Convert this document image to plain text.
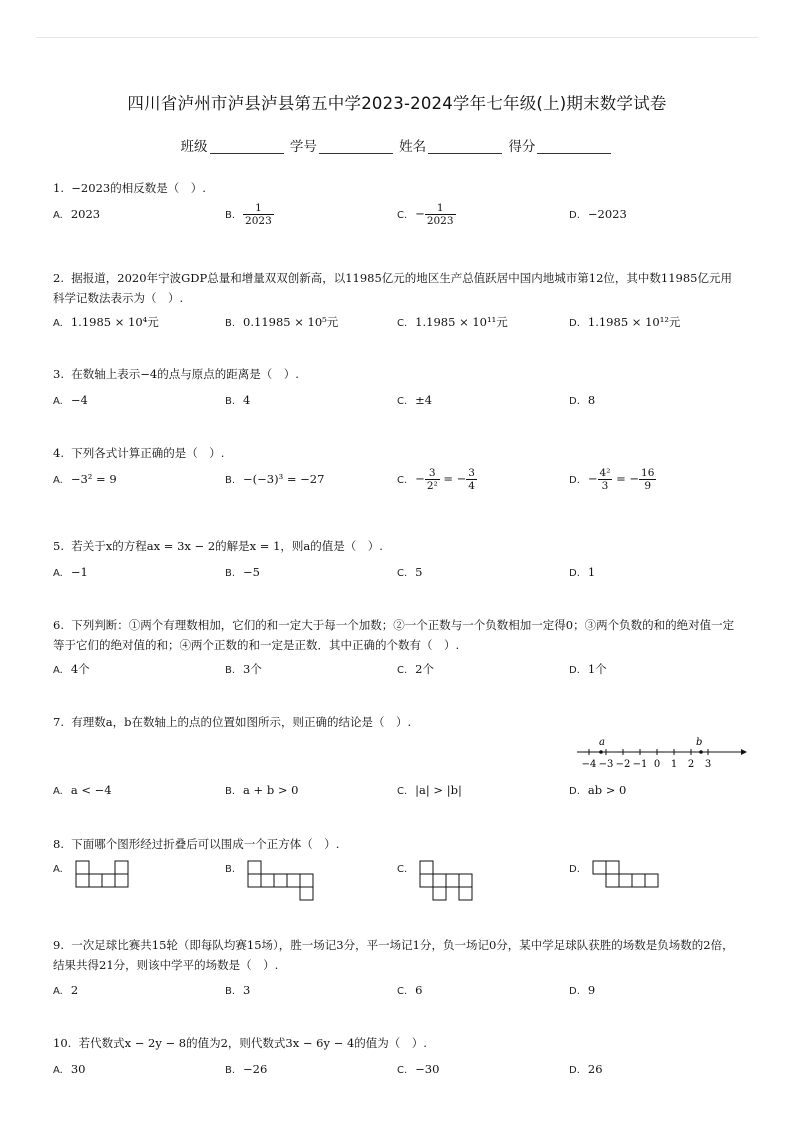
四川省泸州市泸县泸县第五中学2023-2024学年七年级(上)期末数学试卷
班级	学号	姓名	得分
1. −2023的相反数是（　）.
A. 2023	B. $\frac{1}{2023}$	C. − $\frac{1}{2023}$	D. −2023
2. 据报道，2020年宁波GDP总量和增量双双创新高，以11985亿元的地区生产总值跃居中国内地城市第12位，其中数11985亿元用科学记数法表示为（　）.
A. 1.1985 × 10⁴元	B. 0.11985 × 10⁵元	C. 1.1985 × 10¹¹元	D. 1.1985 × 10¹²元
3. 在数轴上表示−4的点与原点的距离是（　）.
A. −4	B. 4	C. ±4	D. 8
4. 下列各式计算正确的是（　）.
A. −3² = 9	B. −(−3)³ = −27	C. − $\frac{3}{\text{2²}}$ = − $\frac{3}{4}$	D. − $\frac{\text{4²}}{3}$ = − $\frac{16}{9}$
5. 若关于x的方程ax = 3x − 2的解是x = 1，则a的值是（　）.
A. −1	B. −5	C. 5	D. 1
6. 下列判断：①两个有理数相加，它们的和一定大于每一个加数；②一个正数与一个负数相加一定得0；③两个负数的和的绝对值一定等于它们的绝对值的和；④两个正数的和一定是正数．其中正确的个数有（　）.
A. 4个	B. 3个	C. 2个	D. 1个
7. 有理数a，b在数轴上的点的位置如图所示，则正确的结论是（　）.
A. a < −4	B. a + b > 0	C. |a| > |b|	D. ab > 0
−4 −3 −2 −1 0 1 2 3
a	b
8. 下面哪个图形经过折叠后可以围成一个正方体（　）.
A.	B.	C.	D.
9. 一次足球比赛共15轮（即每队均赛15场），胜一场记3分，平一场记1分，负一场记0分，某中学足球队获胜的场数是负场数的2倍，结果共得21分，则该中学平的场数是（　）.
A. 2	B. 3	C. 6	D. 9
10. 若代数式x − 2y − 8的值为2，则代数式3x − 6y − 4的值为（　）.
A. 30	B. −26	C. −30	D. 26
